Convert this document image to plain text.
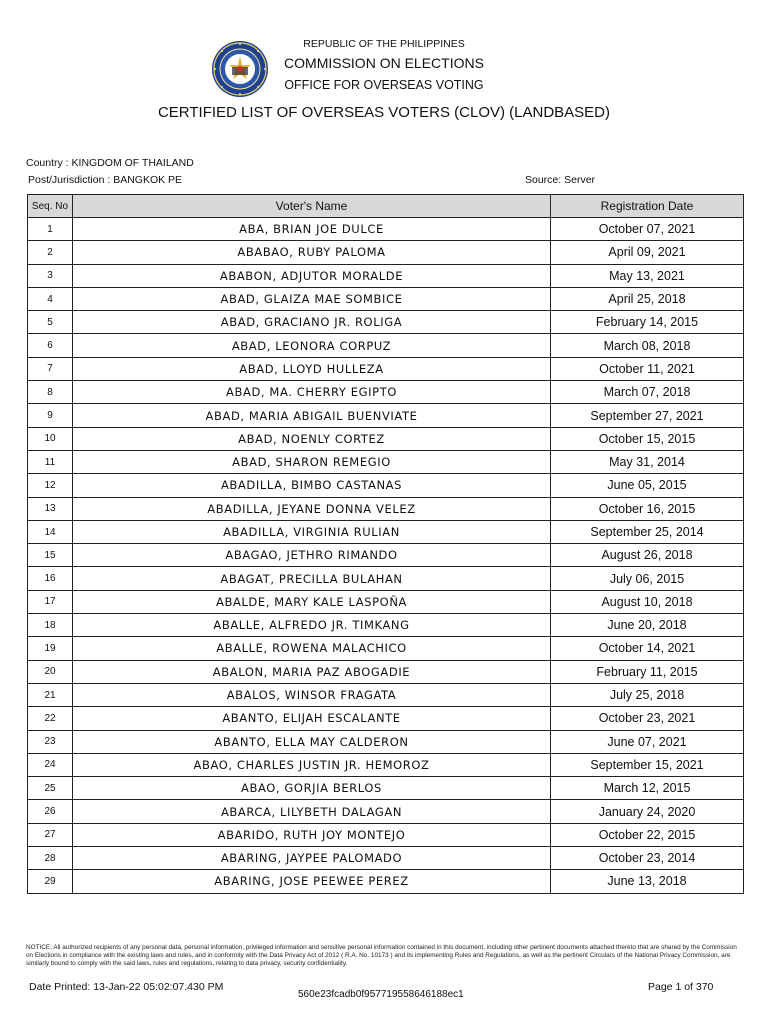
REPUBLIC OF THE PHILIPPINES
COMMISSION ON ELECTIONS
OFFICE FOR OVERSEAS VOTING
CERTIFIED LIST OF OVERSEAS VOTERS (CLOV) (LANDBASED)
Country : KINGDOM OF THAILAND
Post/Jurisdiction : BANGKOK PE	Source: Server
Seq. No	Voter's Name	Registration Date
1	ABA, BRIAN JOE DULCE	October 07, 2021
2	ABABAO, RUBY PALOMA	April 09, 2021
3	ABABON, ADJUTOR MORALDE	May 13, 2021
4	ABAD, GLAIZA MAE SOMBICE	April 25, 2018
5	ABAD, GRACIANO JR. ROLIGA	February 14, 2015
6	ABAD, LEONORA CORPUZ	March 08, 2018
7	ABAD, LLOYD HULLEZA	October 11, 2021
8	ABAD, MA. CHERRY EGIPTO	March 07, 2018
9	ABAD, MARIA ABIGAIL BUENVIATE	September 27, 2021
10	ABAD, NOENLY CORTEZ	October 15, 2015
11	ABAD, SHARON REMEGIO	May 31, 2014
12	ABADILLA, BIMBO CASTANAS	June 05, 2015
13	ABADILLA, JEYANE DONNA VELEZ	October 16, 2015
14	ABADILLA, VIRGINIA RULIAN	September 25, 2014
15	ABAGAO, JETHRO RIMANDO	August 26, 2018
16	ABAGAT, PRECILLA BULAHAN	July 06, 2015
17	ABALDE, MARY KALE LASPOÑA	August 10, 2018
18	ABALLE, ALFREDO JR. TIMKANG	June 20, 2018
19	ABALLE, ROWENA MALACHICO	October 14, 2021
20	ABALON, MARIA PAZ ABOGADIE	February 11, 2015
21	ABALOS, WINSOR FRAGATA	July 25, 2018
22	ABANTO, ELIJAH ESCALANTE	October 23, 2021
23	ABANTO, ELLA MAY CALDERON	June 07, 2021
24	ABAO, CHARLES JUSTIN JR. HEMOROZ	September 15, 2021
25	ABAO, GORJIA BERLOS	March 12, 2015
26	ABARCA, LILYBETH DALAGAN	January 24, 2020
27	ABARIDO, RUTH JOY MONTEJO	October 22, 2015
28	ABARING, JAYPEE PALOMADO	October 23, 2014
29	ABARING, JOSE PEEWEE PEREZ	June 13, 2018
NOTICE: All authorized recipients of any personal data, personal information, privileged information and sensitive personal information contained in this document, including other pertinent documents attached thereto that are shared by the Commission on Elections in compliance with the existing laws and rules, and in conformity with the Data Privacy Act of 2012 ( R.A. No. 10173 ) and its implementing Rules and Regulations, as well as the pertinent Circulars of the National Privacy Commission, are similarly bound to comply with the said laws, rules and regulations, relating to data privacy, security confidentiality.
Date Printed: 13-Jan-22 05:02:07.430 PM
560e23fcadb0f957719558646188ec1
Page 1 of 370
